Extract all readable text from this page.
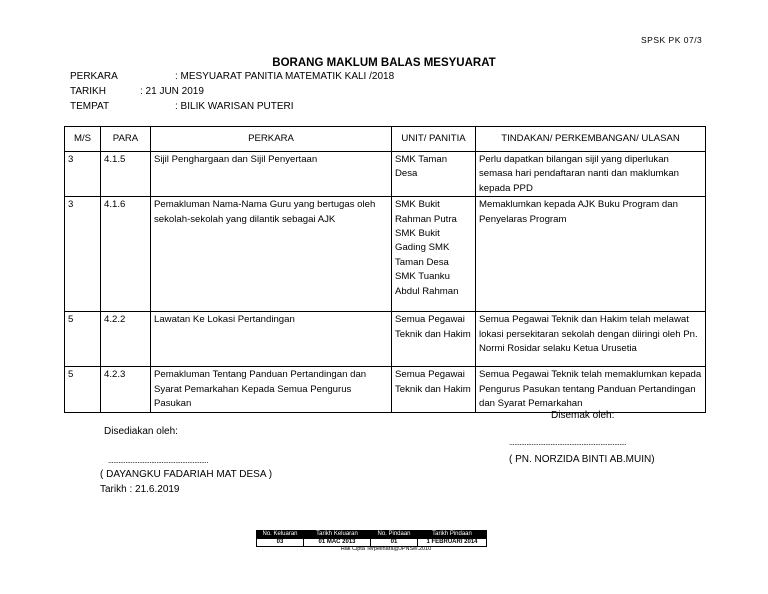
SPSK PK 07/3
BORANG MAKLUM BALAS MESYUARAT
PERKARA	: MESYUARAT PANITIA MATEMATIK KALI /2018
TARIKH	: 21 JUN 2019
TEMPAT	: BILIK WARISAN PUTERI
M/S	PARA	PERKARA	UNIT/ PANITIA	TINDAKAN/ PERKEMBANGAN/ ULASAN
3	4.1.5	Sijil Penghargaan dan Sijil Penyertaan	SMK Taman Desa	Perlu dapatkan bilangan sijil yang diperlukan semasa hari pendaftaran nanti dan maklumkan kepada PPD
3	4.1.6	Pemakluman Nama-Nama Guru yang bertugas oleh sekolah-sekolah yang dilantik sebagai AJK	SMK Bukit Rahman Putra SMK Bukit Gading SMK Taman Desa SMK Tuanku Abdul Rahman	Memaklumkan kepada AJK Buku Program dan Penyelaras Program
5	4.2.2	Lawatan Ke Lokasi Pertandingan	Semua Pegawai Teknik dan Hakim	Semua Pegawai Teknik dan Hakim telah melawat lokasi persekitaran sekolah dengan diiringi oleh Pn. Normi Rosidar selaku Ketua Urusetia
5	4.2.3	Pemakluman Tentang Panduan Pertandingan dan Syarat Pemarkahan Kepada Semua Pengurus Pasukan	Semua Pegawai Teknik dan Hakim	Semua Pegawai Teknik telah memaklumkan kepada Pengurus Pasukan tentang Panduan Pertandingan dan Syarat Pemarkahan
Disemak oleh:
Disediakan oleh:
....................................................................
( PN. NORZIDA BINTI AB.MUIN)
..........................................................
( DAYANGKU FADARIAH MAT DESA )
Tarikh : 21.6.2019
No. Keluaran	Tarikh Keluaran	No. Pindaan	Tarikh Pindaan
03	01 MAC 2013	01	1 FEBRUARI 2014
Hak Cipta Terpelihara@JPNSel.2010
